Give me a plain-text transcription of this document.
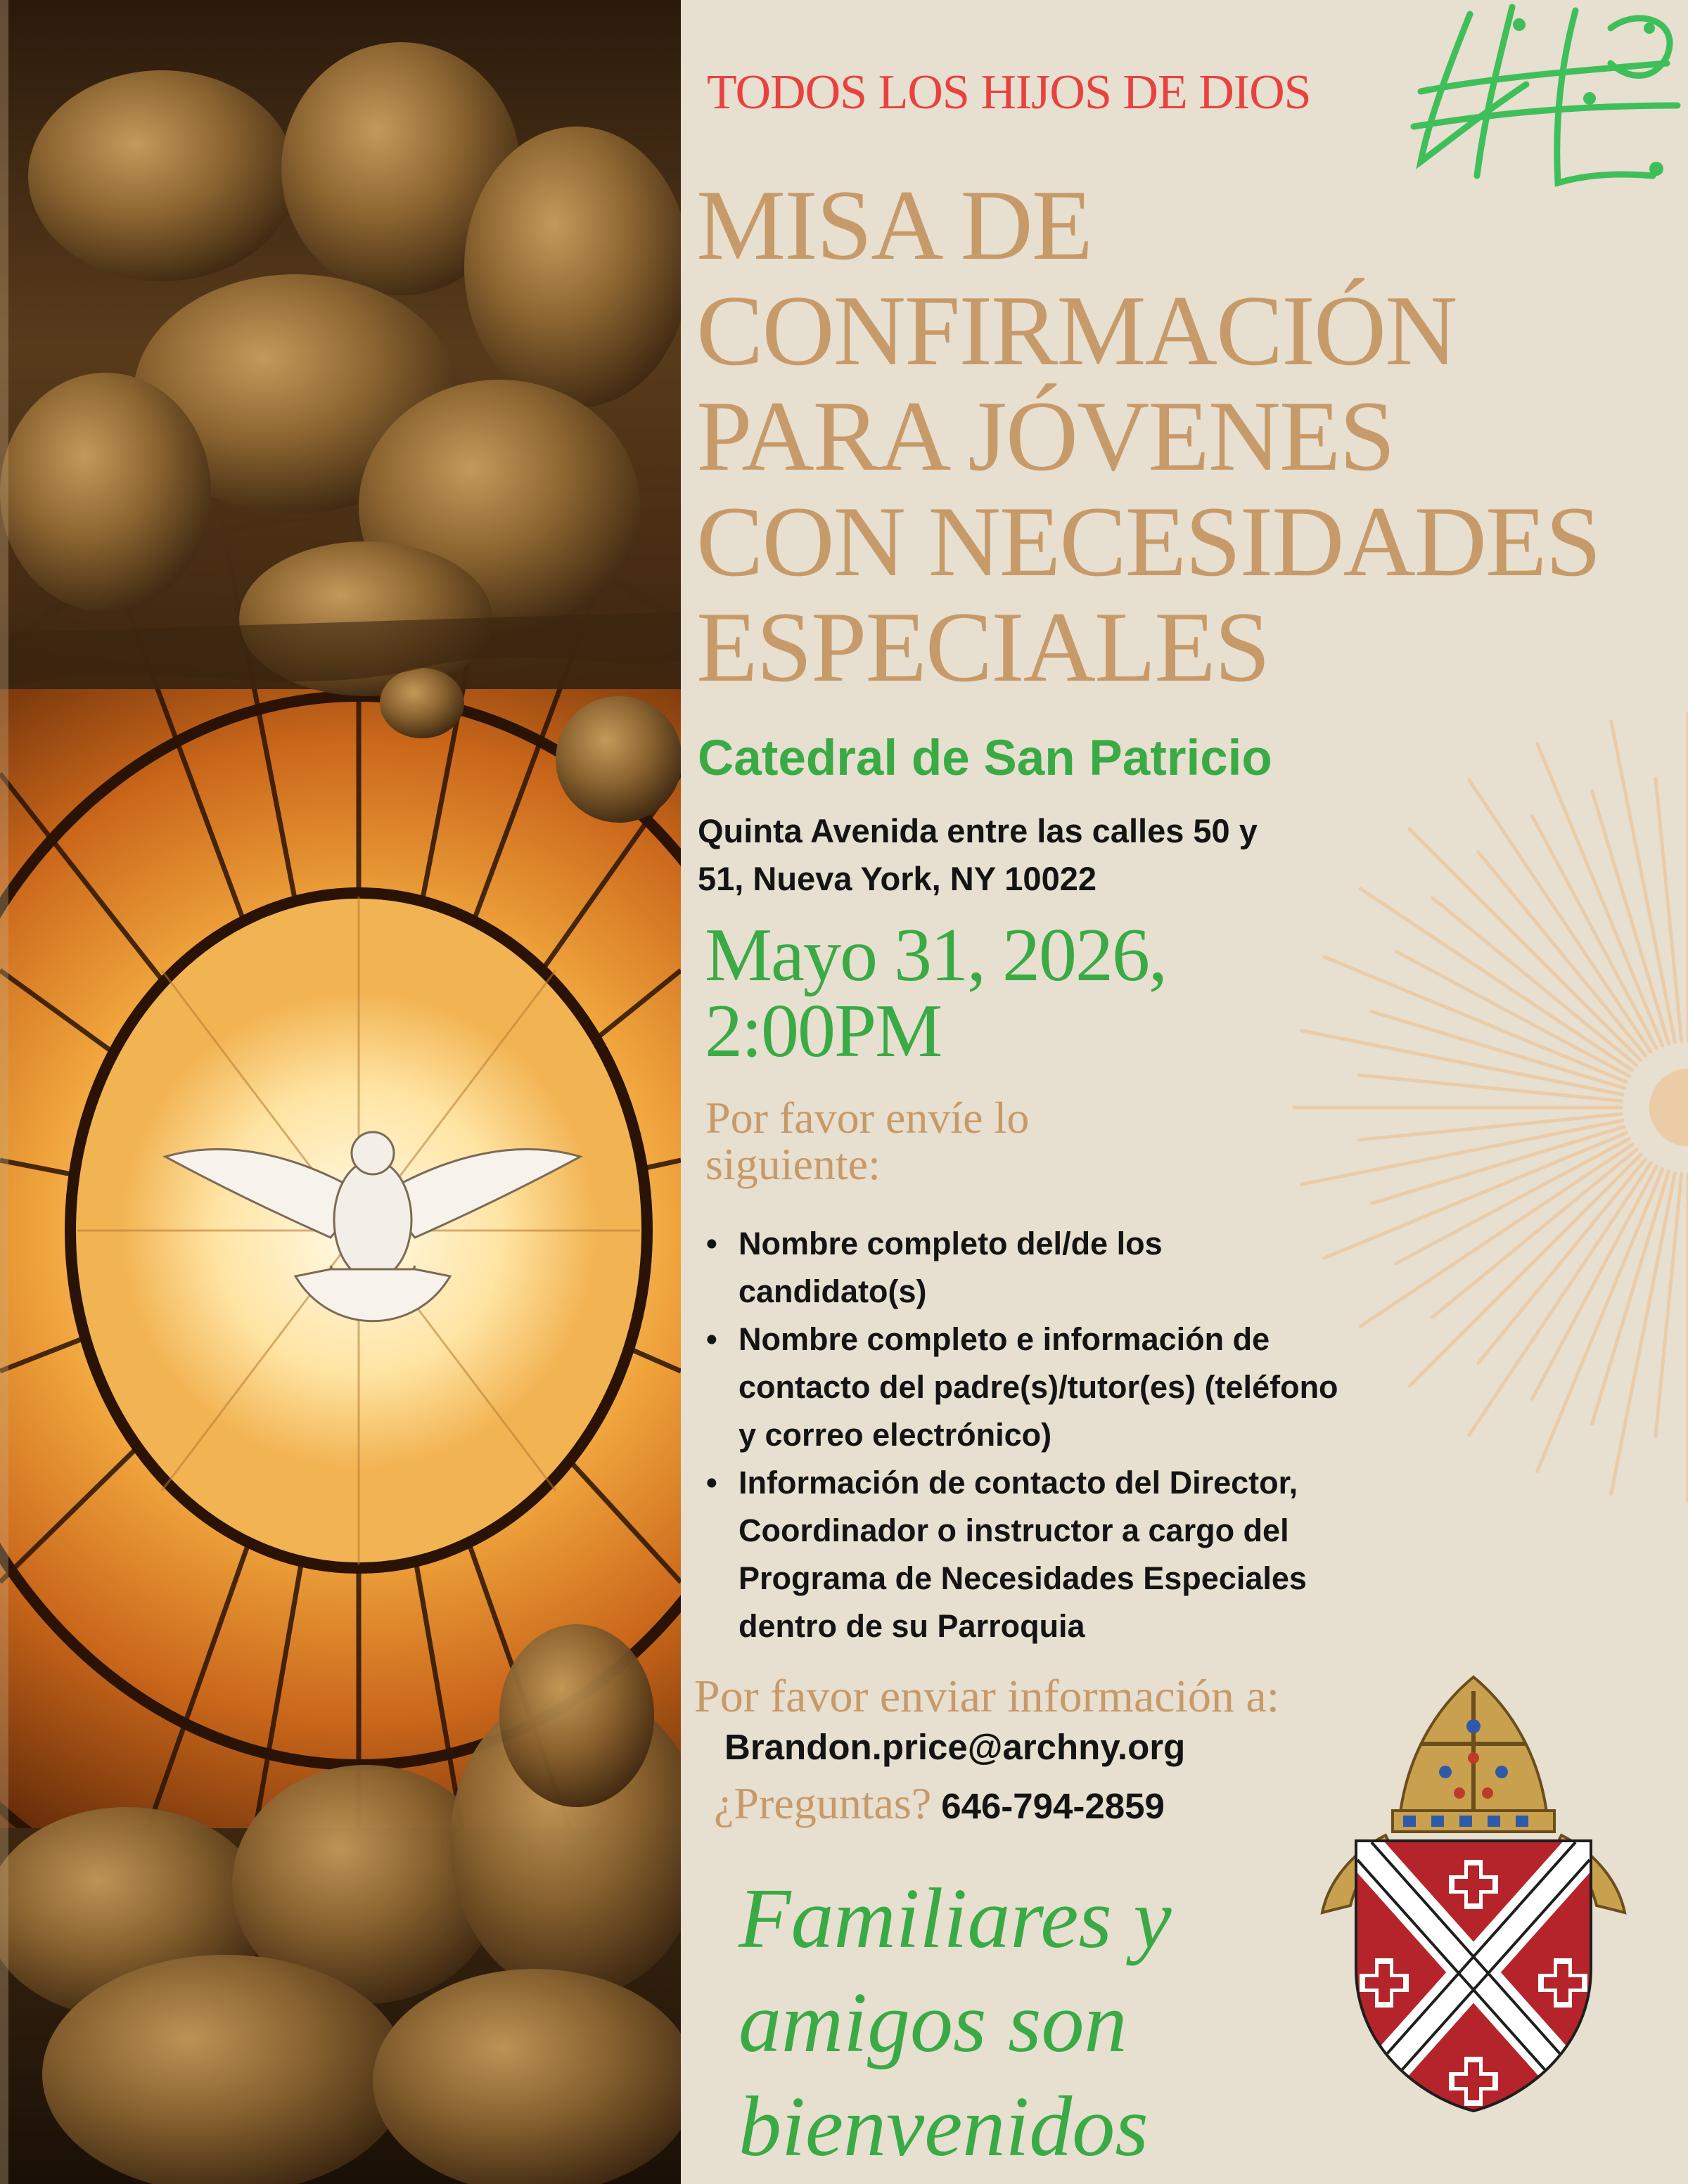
TODOS LOS HIJOS DE DIOS
MISA DE
CONFIRMACIÓN
PARA JÓVENES
CON NECESIDADES
ESPECIALES
Catedral de San Patricio
Quinta Avenida entre las calles 50 y
51, Nueva York, NY 10022
Mayo 31, 2026,
2:00PM
Por favor envíe lo
siguiente:
• Nombre completo del/de los candidato(s)
• Nombre completo e información de contacto del padre(s)/tutor(es) (teléfono y correo electrónico)
• Información de contacto del Director, Coordinador o instructor a cargo del Programa de Necesidades Especiales dentro de su Parroquia
Por favor enviar información a:
Brandon.price@archny.org
¿Preguntas? 646-794-2859
Familiares y
amigos son
bienvenidos
